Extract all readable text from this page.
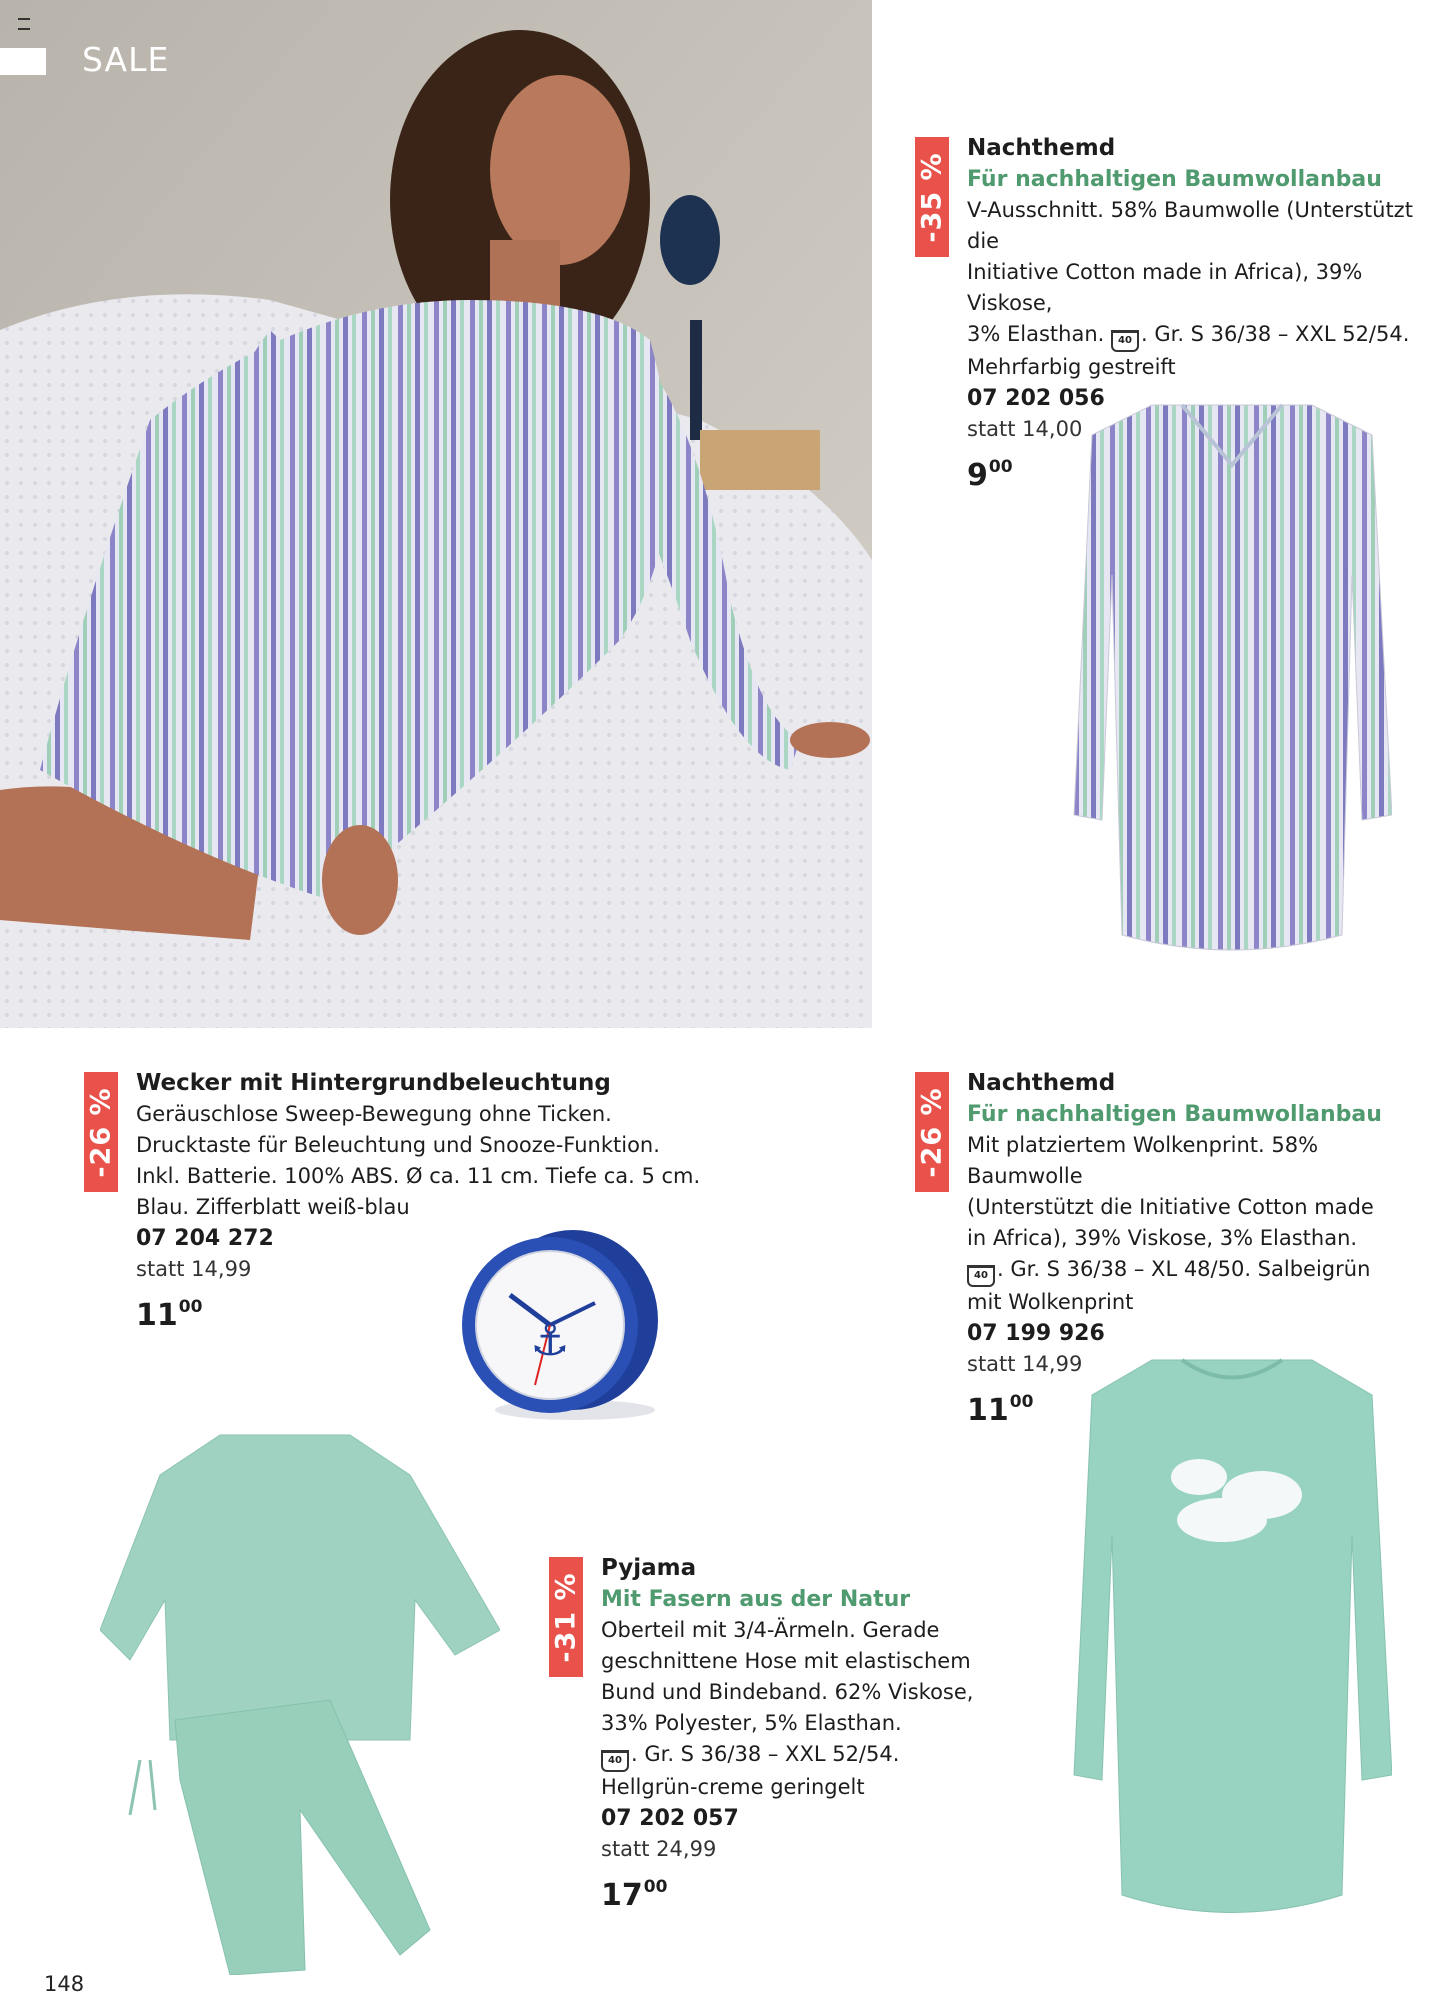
SALE
-35 %
Nachthemd
Für nachhaltigen Baumwollanbau
V-Ausschnitt. 58% Baumwolle (Unterstützt die
Initiative Cotton made in Africa), 39% Viskose,
3% Elasthan. 40 . Gr. S 36/38 – XXL 52/54.
Mehrfarbig gestreift
07 202 056
statt 14,00
$9^{00}$
-26 %
Wecker mit Hintergrundbeleuchtung
Geräuschlose Sweep-Bewegung ohne Ticken.
Drucktaste für Beleuchtung und Snooze-Funktion.
Inkl. Batterie. 100% ABS. Ø ca. 11 cm. Tiefe ca. 5 cm.
Blau. Zifferblatt weiß-blau
07 204 272
statt 14,99
$11^{00}$
⚓
-26 %
Nachthemd
Für nachhaltigen Baumwollanbau
Mit platziertem Wolkenprint. 58% Baumwolle
(Unterstützt die Initiative Cotton made
in Africa), 39% Viskose, 3% Elasthan.
40 . Gr. S 36/38 – XL 48/50. Salbeigrün
mit Wolkenprint
07 199 926
statt 14,99
$11^{00}$
-31 %
Pyjama
Mit Fasern aus der Natur
Oberteil mit 3/4-Ärmeln. Gerade
geschnittene Hose mit elastischem
Bund und Bindeband. 62% Viskose,
33% Polyester, 5% Elasthan.
40 . Gr. S 36/38 – XXL 52/54.
Hellgrün-creme geringelt
07 202 057
statt 24,99
$17^{00}$
148
